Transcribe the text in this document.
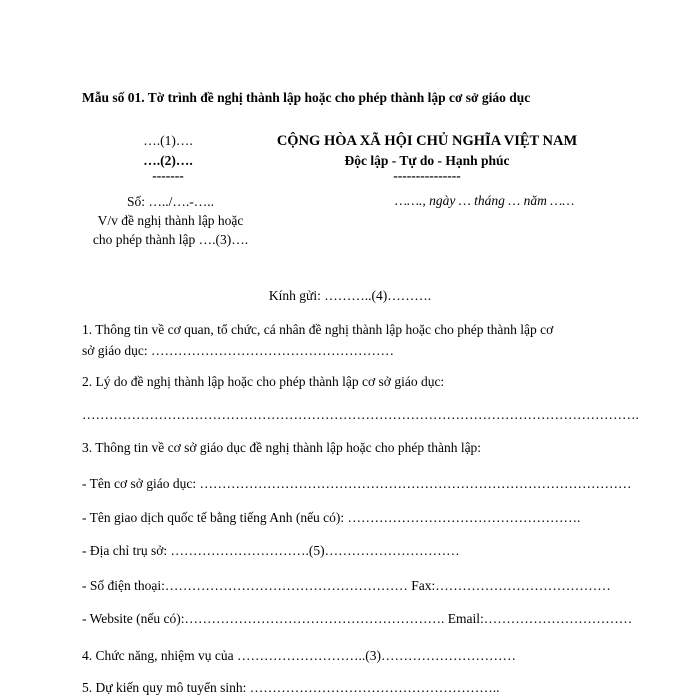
Mẫu số 01. Tờ trình đề nghị thành lập hoặc cho phép thành lập cơ sở giáo dục
….(1)….
….(2)….
-------
CỘNG HÒA XÃ HỘI CHỦ NGHĨA VIỆT NAM
Độc lập - Tự do - Hạnh phúc
---------------
Số: …../….-…..
V/v đề nghị thành lập hoặc
cho phép thành lập ….(3)….
……., ngày … tháng … năm ……
Kính gửi: ………..(4)……….
1. Thông tin về cơ quan, tổ chức, cá nhân đề nghị thành lập hoặc cho phép thành lập cơ
sở giáo dục: ………………………………………………
2. Lý do đề nghị thành lập hoặc cho phép thành lập cơ sở giáo dục:
…………………………………………………………………………………………………………….
3. Thông tin về cơ sở giáo dục đề nghị thành lập hoặc cho phép thành lập:
- Tên cơ sở giáo dục: ……………………………………………………………………………………
- Tên giao dịch quốc tế bằng tiếng Anh (nếu có): …………………………………………….
- Địa chỉ trụ sở: ………………………….(5)…………………………
- Số điện thoại:……………………………………………… Fax:…………………………………
- Website (nếu có):…………………………………………………. Email:……………………………
4. Chức năng, nhiệm vụ của ………………………..(3)…………………………
5. Dự kiến quy mô tuyển sinh: ………………………………………………..
